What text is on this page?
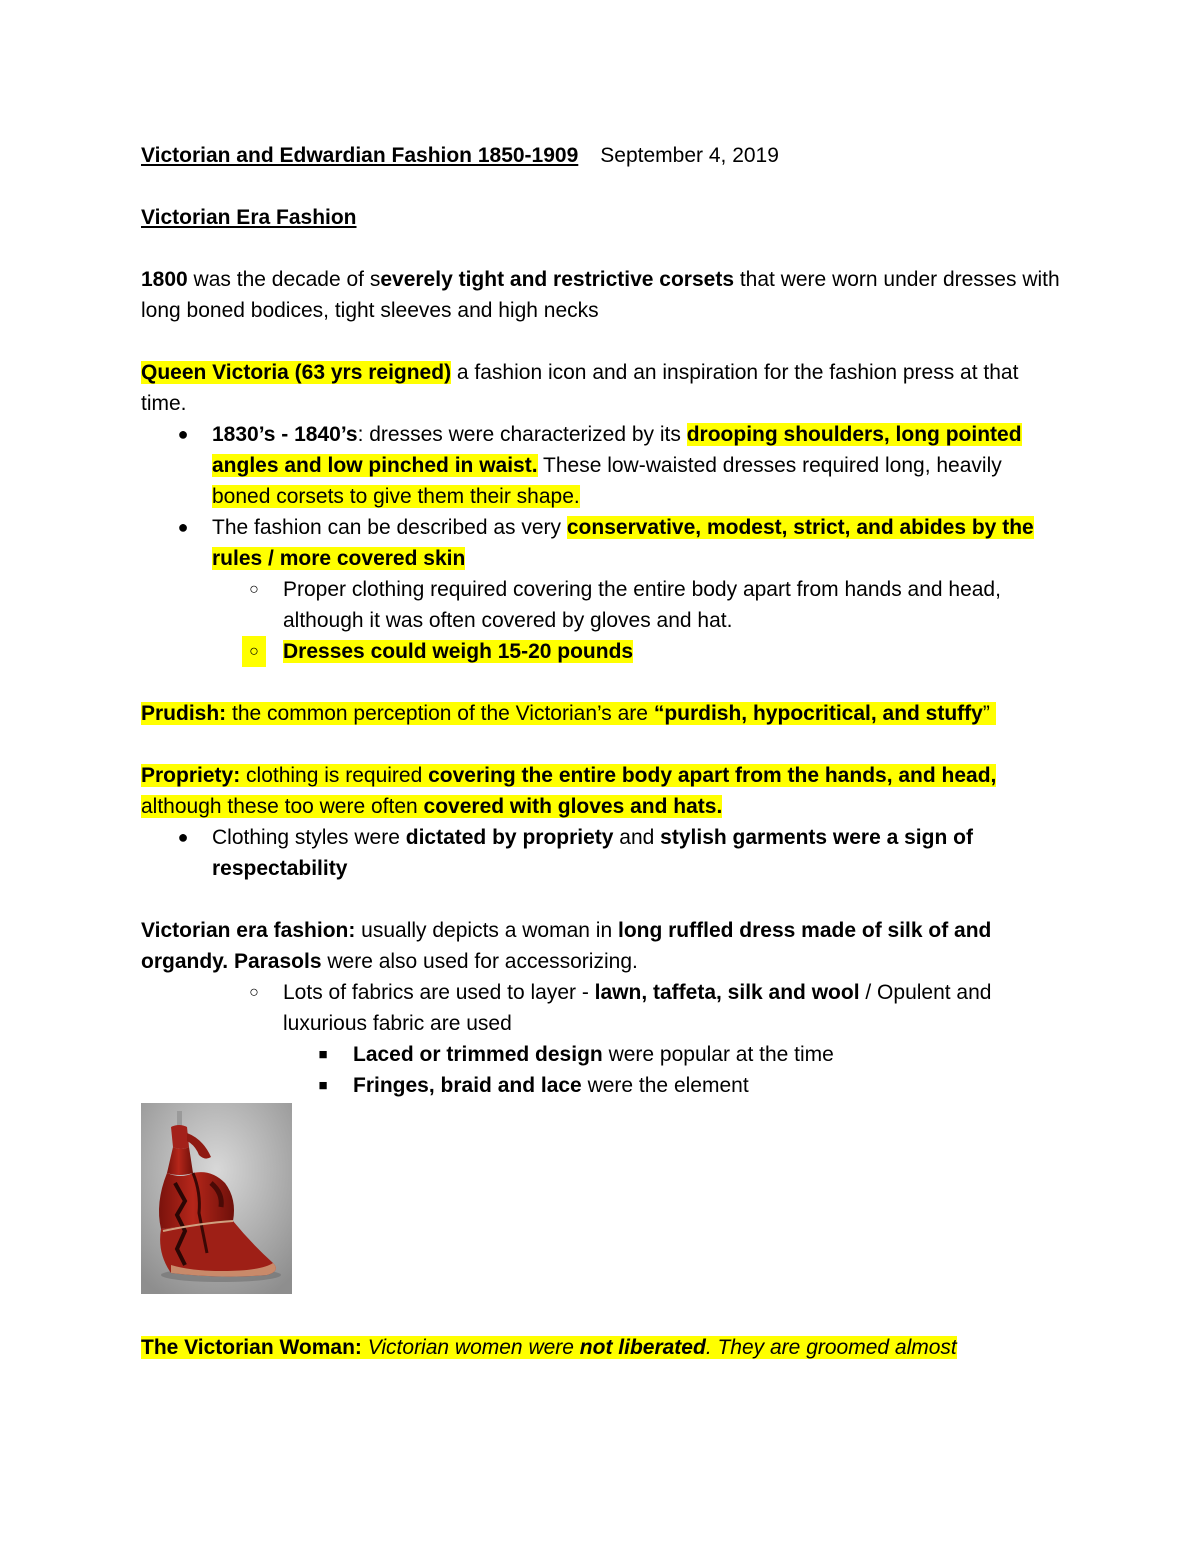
Victorian and Edwardian Fashion 1850-1909 September 4, 2019

Victorian Era Fashion

1800 was the decade of severely tight and restrictive corsets that were worn under dresses with long boned bodices, tight sleeves and high necks

Queen Victoria (63 yrs reigned) a fashion icon and an inspiration for the fashion press at that time.

●	1830’s - 1840’s: dresses were characterized by its drooping shoulders, long pointed angles and low pinched in waist. These low-waisted dresses required long, heavily boned corsets to give them their shape.
●	The fashion can be described as very conservative, modest, strict, and abides by the rules / more covered skin
○	Proper clothing required covering the entire body apart from hands and head, although it was often covered by gloves and hat.
○	Dresses could weigh 15-20 pounds

Prudish: the common perception of the Victorian’s are “purdish, hypocritical, and stuffy”

Propriety: clothing is required covering the entire body apart from the hands, and head, although these too were often covered with gloves and hats.

●	Clothing styles were dictated by propriety and stylish garments were a sign of respectability

Victorian era fashion: usually depicts a woman in long ruffled dress made of silk of and organdy. Parasols were also used for accessorizing.

○	Lots of fabrics are used to layer - lawn, taffeta, silk and wool / Opulent and luxurious fabric are used
■	Laced or trimmed design were popular at the time
■	Fringes, braid and lace were the element

The Victorian Woman: Victorian women were not liberated. They are groomed almost
